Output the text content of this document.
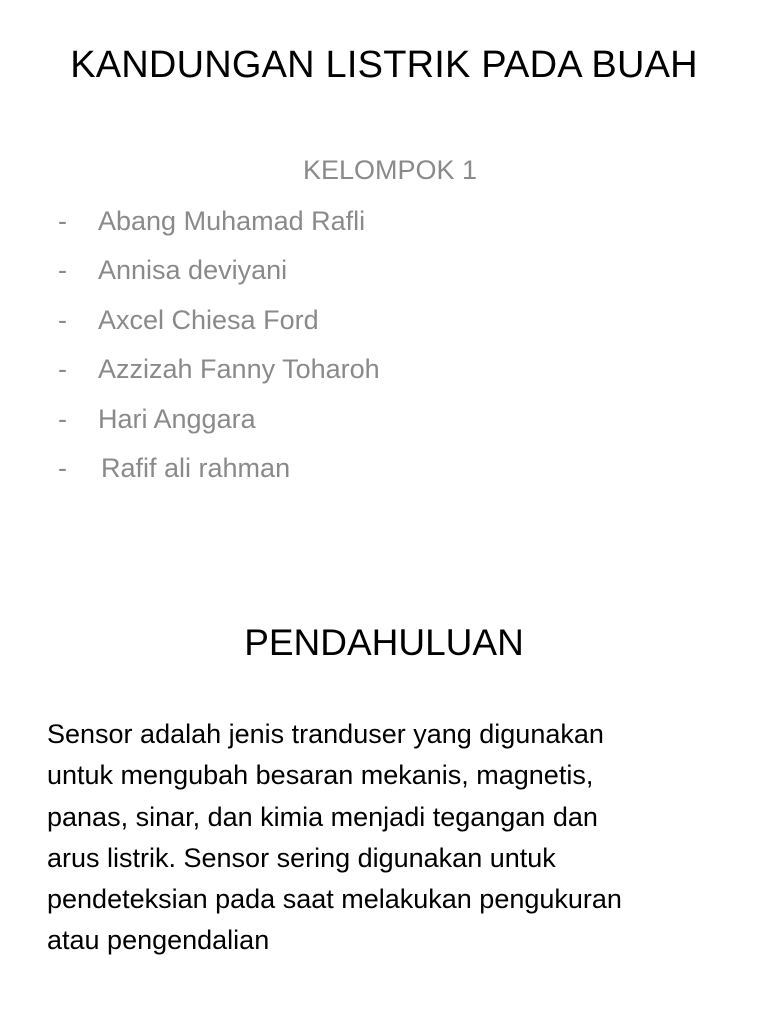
KANDUNGAN LISTRIK PADA BUAH
KELOMPOK 1
- Abang Muhamad Rafli
- Annisa deviyani
- Axcel Chiesa Ford
- Azzizah Fanny Toharoh
- Hari Anggara
- Rafif ali rahman
PENDAHULUAN

Sensor adalah jenis tranduser yang digunakan
untuk mengubah besaran mekanis, magnetis,
panas, sinar, dan kimia menjadi tegangan dan
arus listrik. Sensor sering digunakan untuk
pendeteksian pada saat melakukan pengukuran
atau pengendalian
